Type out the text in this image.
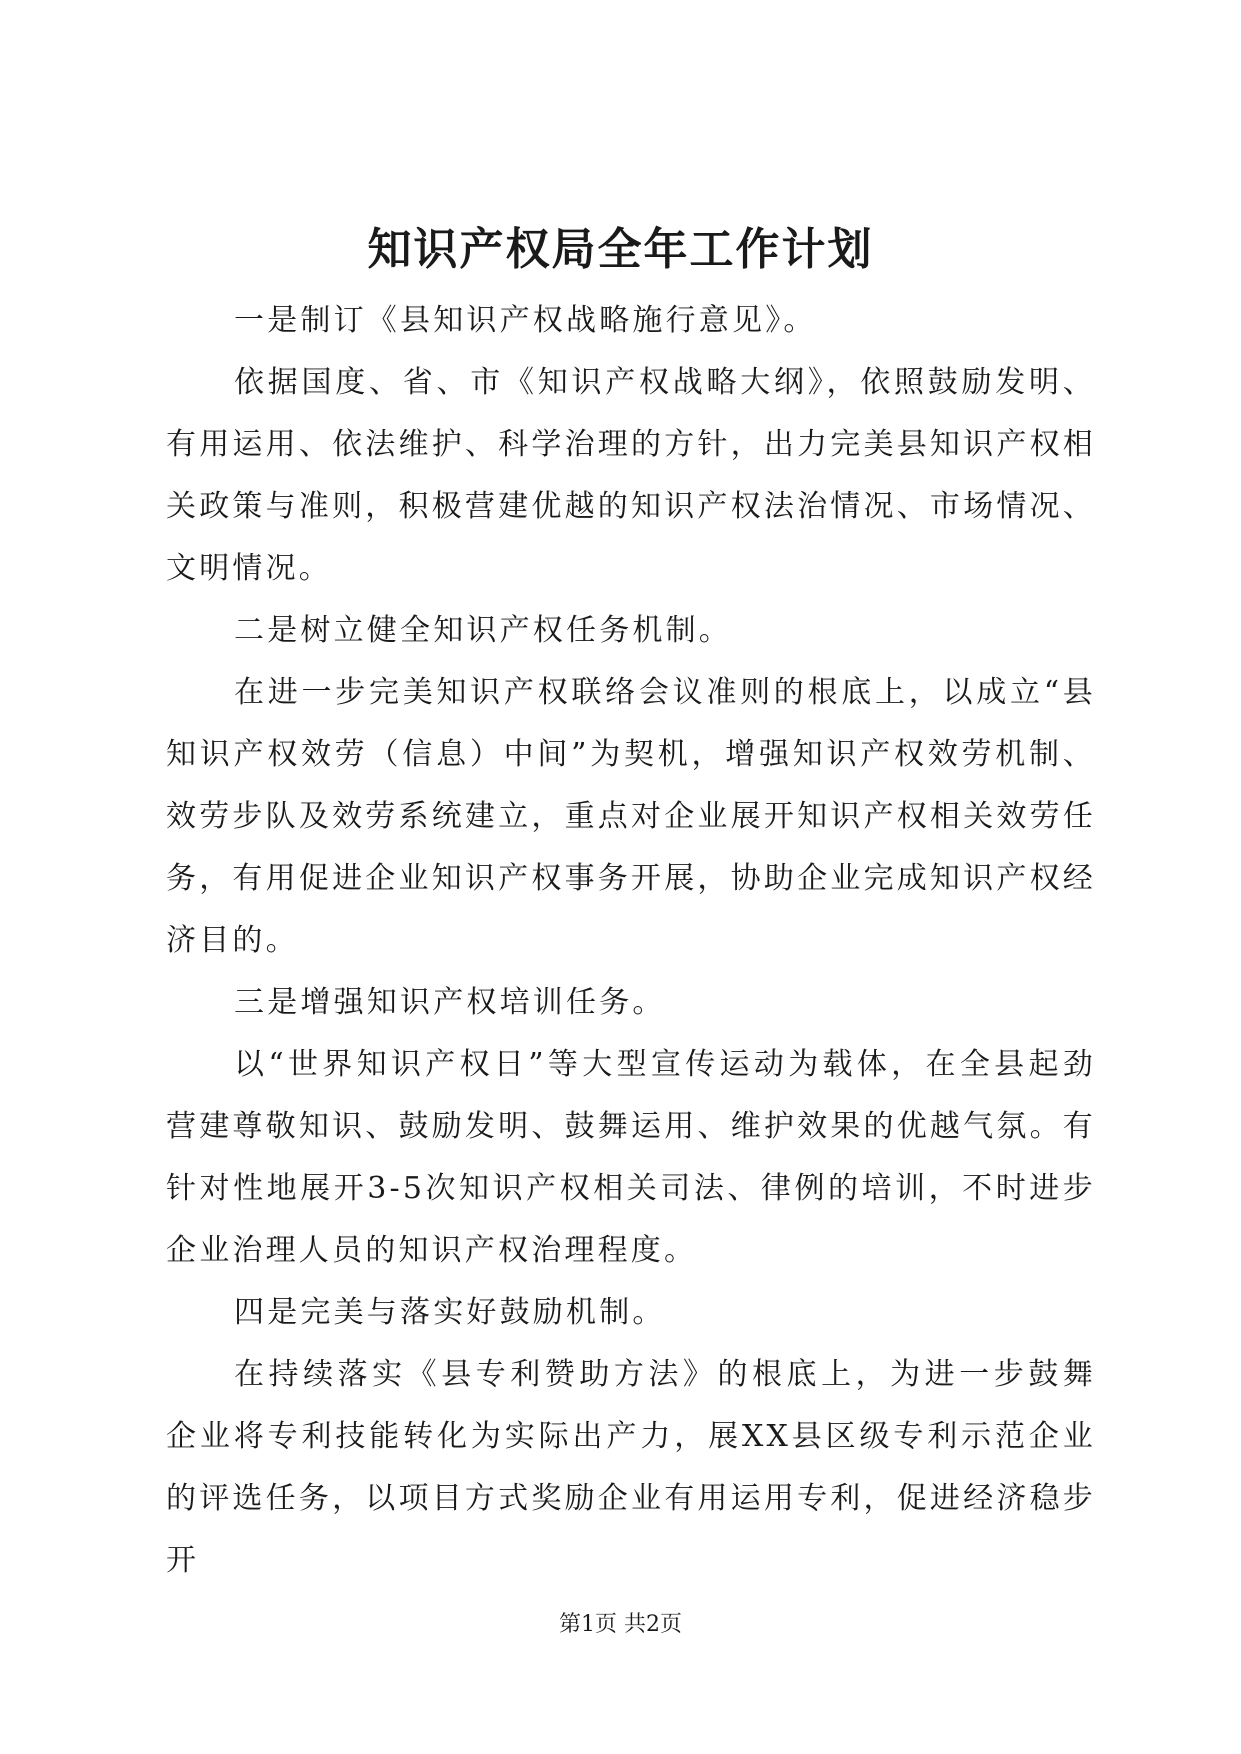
知识产权局全年工作计划

一是制订《县知识产权战略施行意见》。

依据国度、省、市《知识产权战略大纲》，依照鼓励发明、有用运用、依法维护、科学治理的方针，出力完美县知识产权相关政策与准则，积极营建优越的知识产权法治情况、市场情况、文明情况。

二是树立健全知识产权任务机制。

在进一步完美知识产权联络会议准则的根底上，以成立“县知识产权效劳（信息）中间”为契机，增强知识产权效劳机制、效劳步队及效劳系统建立，重点对企业展开知识产权相关效劳任务，有用促进企业知识产权事务开展，协助企业完成知识产权经济目的。

三是增强知识产权培训任务。

以“世界知识产权日”等大型宣传运动为载体，在全县起劲营建尊敬知识、鼓励发明、鼓舞运用、维护效果的优越气氛。有针对性地展开3-5次知识产权相关司法、律例的培训，不时进步企业治理人员的知识产权治理程度。

四是完美与落实好鼓励机制。

在持续落实《县专利赞助方法》的根底上，为进一步鼓舞企业将专利技能转化为实际出产力，展XX县区级专利示范企业的评选任务，以项目方式奖励企业有用运用专利，促进经济稳步开

第1页 共2页
